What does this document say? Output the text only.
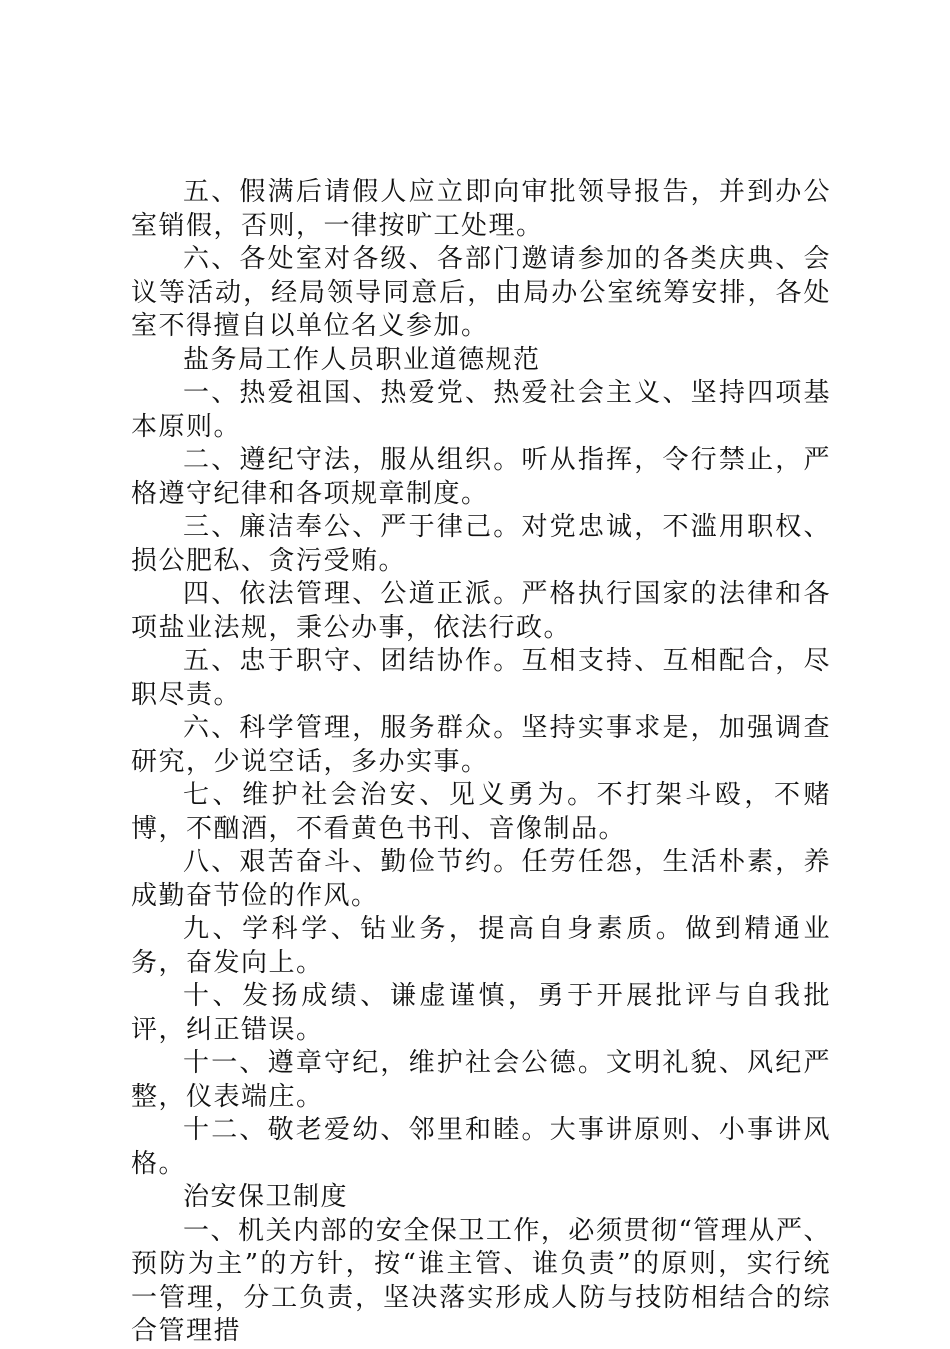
五、假满后请假人应立即向审批领导报告，并到办公室销假，否则，一律按旷工处理。

六、各处室对各级、各部门邀请参加的各类庆典、会议等活动，经局领导同意后，由局办公室统筹安排，各处室不得擅自以单位名义参加。

盐务局工作人员职业道德规范

一、热爱祖国、热爱党、热爱社会主义、坚持四项基本原则。

二、遵纪守法，服从组织。听从指挥，令行禁止，严格遵守纪律和各项规章制度。

三、廉洁奉公、严于律己。对党忠诚，不滥用职权、损公肥私、贪污受贿。

四、依法管理、公道正派。严格执行国家的法律和各项盐业法规，秉公办事，依法行政。

五、忠于职守、团结协作。互相支持、互相配合，尽职尽责。

六、科学管理，服务群众。坚持实事求是，加强调查研究，少说空话，多办实事。

七、维护社会治安、见义勇为。不打架斗殴，不赌博，不酗酒，不看黄色书刊、音像制品。

八、艰苦奋斗、勤俭节约。任劳任怨，生活朴素，养成勤奋节俭的作风。

九、学科学、钻业务，提高自身素质。做到精通业务，奋发向上。

十、发扬成绩、谦虚谨慎，勇于开展批评与自我批评，纠正错误。

十一、遵章守纪，维护社会公德。文明礼貌、风纪严整，仪表端庄。

十二、敬老爱幼、邻里和睦。大事讲原则、小事讲风格。

治安保卫制度

一、机关内部的安全保卫工作，必须贯彻“管理从严、预防为主”的方针，按“谁主管、谁负责”的原则，实行统一管理，分工负责，坚决落实形成人防与技防相结合的综合管理措
